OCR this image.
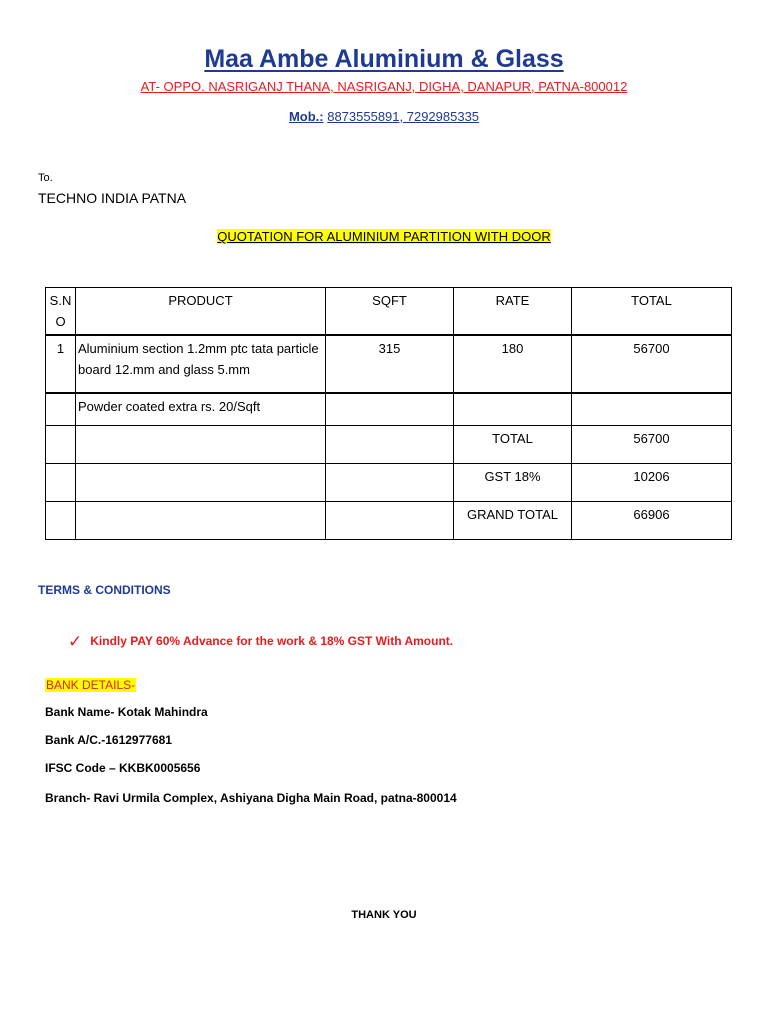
Maa Ambe Aluminium & Glass
AT- OPPO. NASRIGANJ THANA, NASRIGANJ, DIGHA, DANAPUR, PATNA-800012
Mob.: 8873555891, 7292985335
To.
TECHNO INDIA PATNA
QUOTATION FOR ALUMINIUM PARTITION WITH DOOR
S.N
O	PRODUCT	SQFT	RATE	TOTAL
1	Aluminium section 1.2mm ptc tata particle board 12.mm and glass 5.mm	315	180	56700
	Powder coated extra rs. 20/Sqft			
			TOTAL	56700
			GST 18%	10206
			GRAND TOTAL	66906
TERMS & CONDITIONS
✓ Kindly PAY 60% Advance for the work & 18% GST With Amount.
BANK DETAILS-
Bank Name- Kotak Mahindra
Bank A/C.-1612977681
IFSC Code – KKBK0005656
Branch- Ravi Urmila Complex, Ashiyana Digha Main Road, patna-800014
THANK YOU
